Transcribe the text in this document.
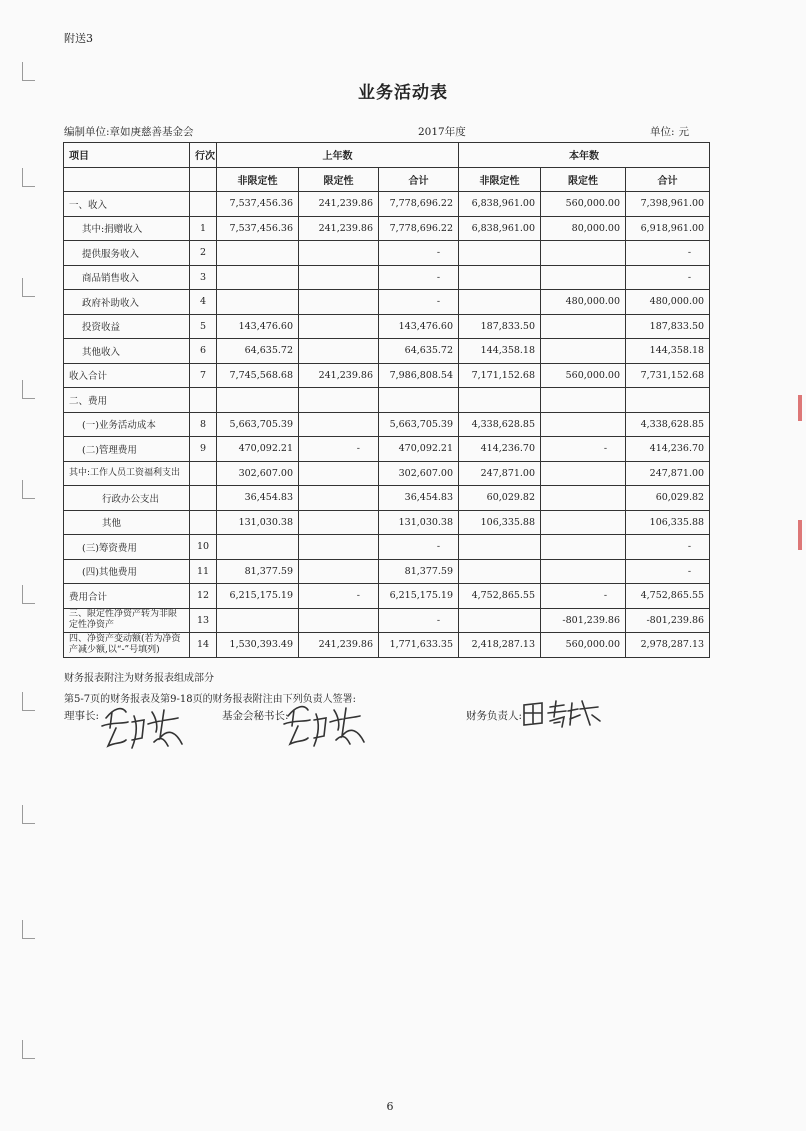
附送3
业务活动表
编制单位:章如庚慈善基金会	2017年度	单位: 元
项目	行次	上年数			本年数		
		非限定性	限定性	合计	非限定性	限定性	合计
一、收入		7,537,456.36	241,239.86	7,778,696.22	6,838,961.00	560,000.00	7,398,961.00
其中:捐赠收入	1	7,537,456.36	241,239.86	7,778,696.22	6,838,961.00	80,000.00	6,918,961.00
提供服务收入	2			-			-
商品销售收入	3			-			-
政府补助收入	4			-		480,000.00	480,000.00
投资收益	5	143,476.60		143,476.60	187,833.50		187,833.50
其他收入	6	64,635.72		64,635.72	144,358.18		144,358.18
收入合计	7	7,745,568.68	241,239.86	7,986,808.54	7,171,152.68	560,000.00	7,731,152.68
二、费用							
(一)业务活动成本	8	5,663,705.39		5,663,705.39	4,338,628.85		4,338,628.85
(二)管理费用	9	470,092.21	-	470,092.21	414,236.70	-	414,236.70
其中:工作人员工资福利支出		302,607.00		302,607.00	247,871.00		247,871.00
行政办公支出		36,454.83		36,454.83	60,029.82		60,029.82
其他		131,030.38		131,030.38	106,335.88		106,335.88
(三)筹资费用	10			-			-
(四)其他费用	11	81,377.59		81,377.59			-
费用合计	12	6,215,175.19	-	6,215,175.19	4,752,865.55	-	4,752,865.55
三、限定性净资产转为非限定性净资产	13			-		-801,239.86	-801,239.86
四、净资产变动额(若为净资产减少额,以“-”号填列)	14	1,530,393.49	241,239.86	1,771,633.35	2,418,287.13	560,000.00	2,978,287.13
财务报表附注为财务报表组成部分
第5-7页的财务报表及第9-18页的财务报表附注由下列负责人签署:
理事长:	基金会秘书长:	财务负责人:
6
